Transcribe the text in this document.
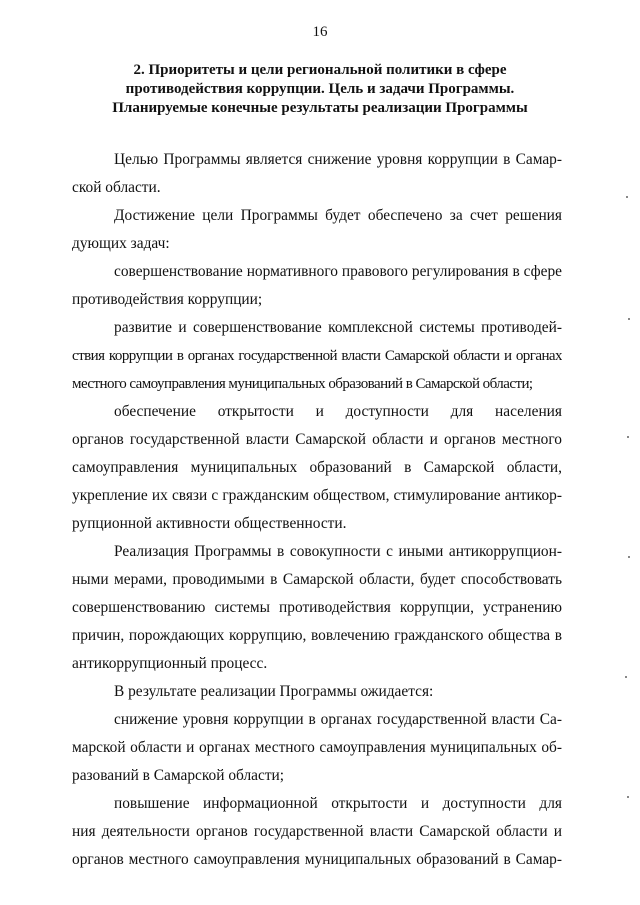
16
2. Приоритеты и цели региональной политики в сфере
противодействия коррупции. Цель и задачи Программы.
Планируемые конечные результаты реализации Программы
Целью Программы является снижение уровня коррупции в Самар-
ской области.
Достижение цели Программы будет обеспечено за счет решения
дующих задач:
совершенствование нормативного правового регулирования в сфере
противодействия коррупции;
развитие и совершенствование комплексной системы противодей-
ствия коррупции в органах государственной власти Самарской области и органах
местного самоуправления муниципальных образований в Самарской области;
обеспечение открытости и доступности для населения
органов государственной власти Самарской области и органов местного
самоуправления муниципальных образований в Самарской области,
укрепление их связи с гражданским обществом, стимулирование антикор-
рупционной активности общественности.
Реализация Программы в совокупности с иными антикоррупцион-
ными мерами, проводимыми в Самарской области, будет способствовать
совершенствованию системы противодействия коррупции, устранению
причин, порождающих коррупцию, вовлечению гражданского общества в
антикоррупционный процесс.
В результате реализации Программы ожидается:
снижение уровня коррупции в органах государственной власти Са-
марской области и органах местного самоуправления муниципальных об-
разований в Самарской области;
повышение информационной открытости и доступности для
ния деятельности органов государственной власти Самарской области и
органов местного самоуправления муниципальных образований в Самар-
